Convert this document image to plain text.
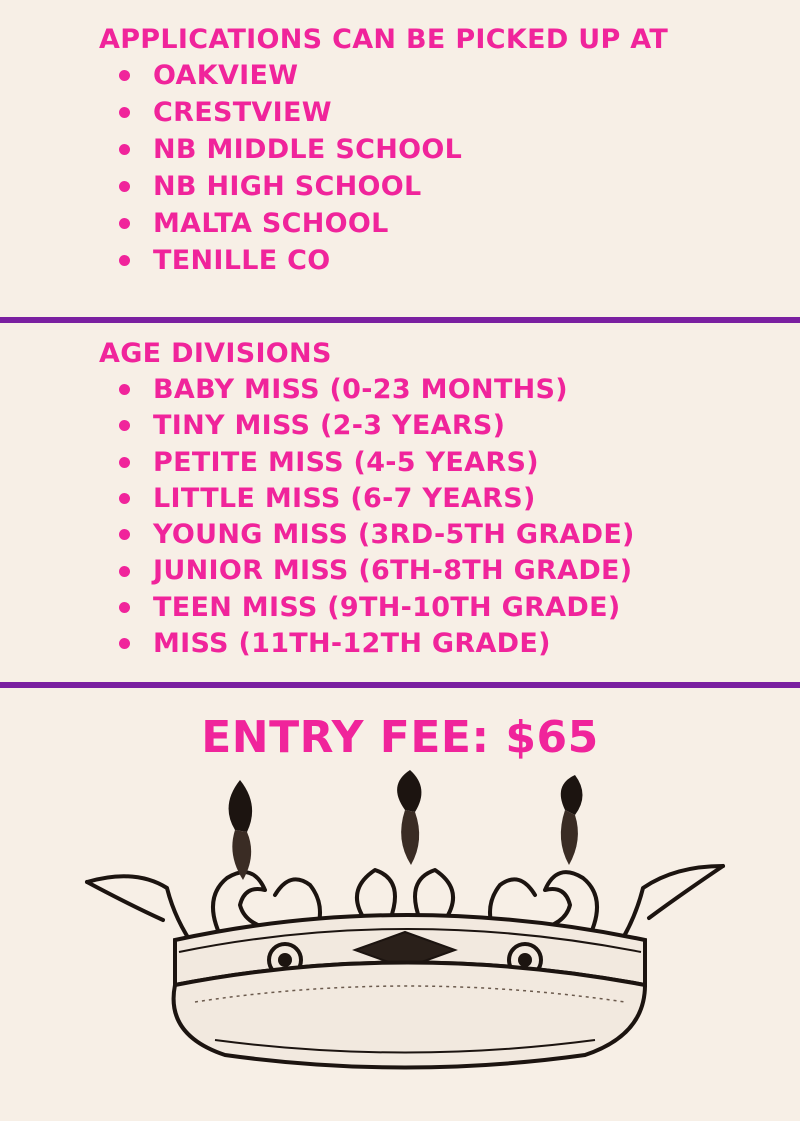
APPLICATIONS CAN BE PICKED UP AT
OAKVIEW
CRESTVIEW
NB MIDDLE SCHOOL
NB HIGH SCHOOL
MALTA SCHOOL
TENILLE CO
AGE DIVISIONS
BABY MISS (0-23 MONTHS)
TINY MISS (2-3 YEARS)
PETITE MISS (4-5 YEARS)
LITTLE MISS (6-7 YEARS)
YOUNG MISS (3RD-5TH GRADE)
JUNIOR MISS (6TH-8TH GRADE)
TEEN MISS (9TH-10TH GRADE)
MISS (11TH-12TH GRADE)
ENTRY FEE: $65
